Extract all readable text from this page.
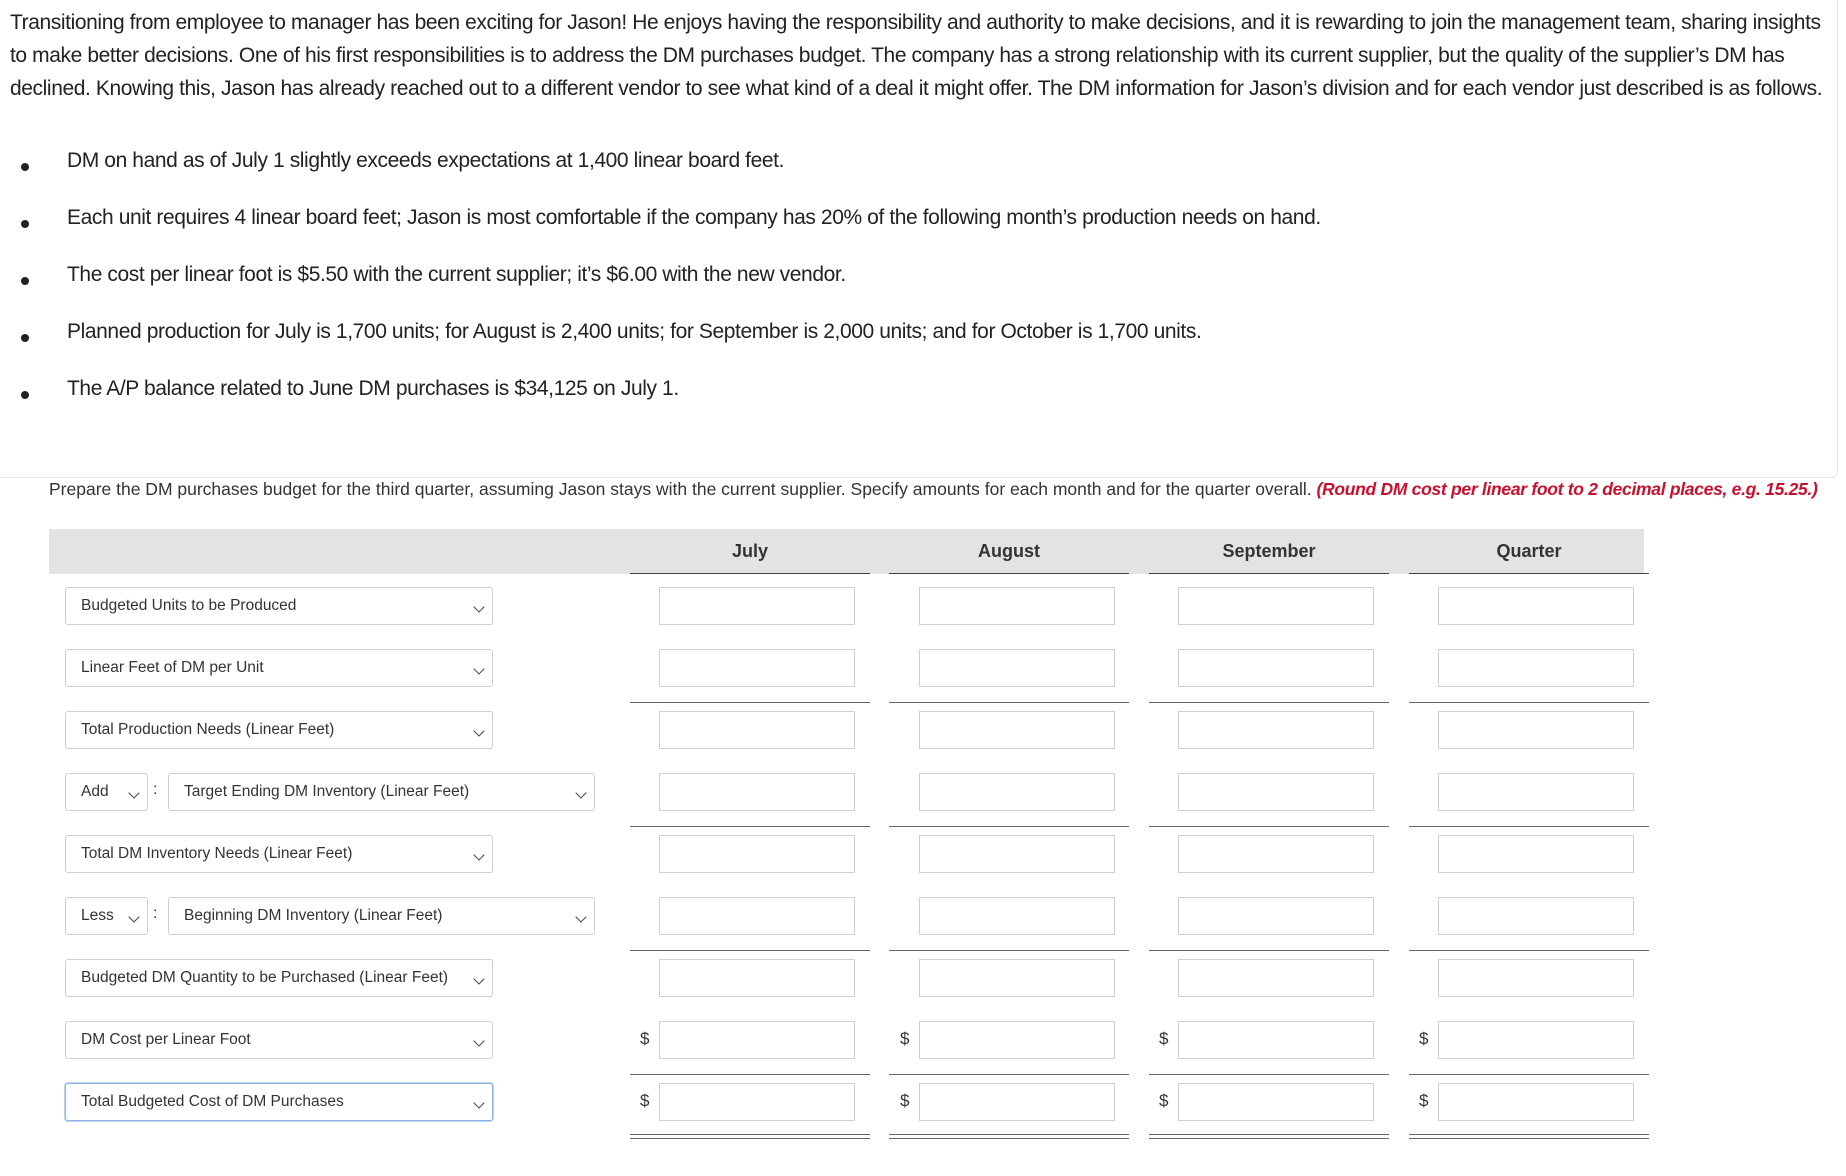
Transitioning from employee to manager has been exciting for Jason! He enjoys having the responsibility and authority to make decisions, and it is rewarding to join the management team, sharing insights to make better decisions. One of his first responsibilities is to address the DM purchases budget. The company has a strong relationship with its current supplier, but the quality of the supplier’s DM has declined. Knowing this, Jason has already reached out to a different vendor to see what kind of a deal it might offer. The DM information for Jason’s division and for each vendor just described is as follows.

DM on hand as of July 1 slightly exceeds expectations at 1,400 linear board feet.
Each unit requires 4 linear board feet; Jason is most comfortable if the company has 20% of the following month’s production needs on hand.
The cost per linear foot is $5.50 with the current supplier; it’s $6.00 with the new vendor.
Planned production for July is 1,700 units; for August is 2,400 units; for September is 2,000 units; and for October is 1,700 units.
The A/P balance related to June DM purchases is $34,125 on July 1.
Prepare the DM purchases budget for the third quarter, assuming Jason stays with the current supplier. Specify amounts for each month and for the quarter overall. (Round DM cost per linear foot to 2 decimal places, e.g. 15.25.)
July	August	September	Quarter
Budgeted Units to be Produced
Linear Feet of DM per Unit
Total Production Needs (Linear Feet)
Add	:	Target Ending DM Inventory (Linear Feet)
Total DM Inventory Needs (Linear Feet)
Less	:	Beginning DM Inventory (Linear Feet)
Budgeted DM Quantity to be Purchased (Linear Feet)
DM Cost per Linear Foot	$	$	$	$
Total Budgeted Cost of DM Purchases	$	$	$	$
